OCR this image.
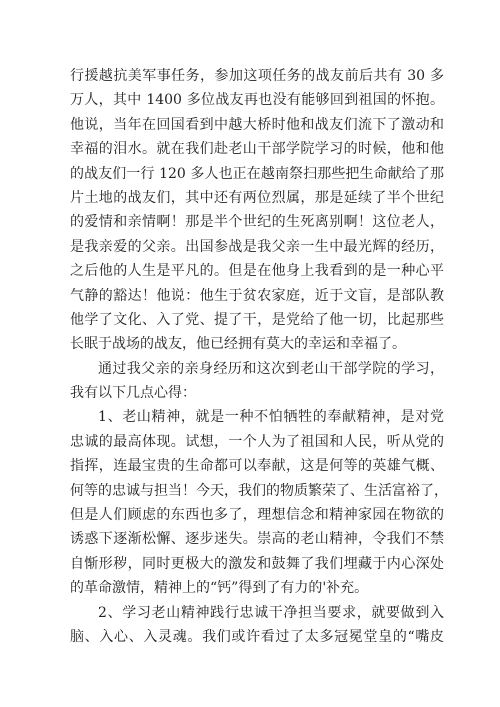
行援越抗美军事任务，参加这项任务的战友前后共有 30 多
万人，其中 1400 多位战友再也没有能够回到祖国的怀抱。
他说，当年在回国看到中越大桥时他和战友们流下了激动和
幸福的泪水。就在我们赴老山干部学院学习的时候，他和他
的战友们一行 120 多人也正在越南祭扫那些把生命献给了那
片土地的战友们，其中还有两位烈属，那是延续了半个世纪
的爱情和亲情啊！那是半个世纪的生死离别啊！这位老人，
是我亲爱的父亲。出国参战是我父亲一生中最光辉的经历，
之后他的人生是平凡的。但是在他身上我看到的是一种心平
气静的豁达！他说：他生于贫农家庭，近于文盲，是部队教
他学了文化、入了党、提了干，是党给了他一切，比起那些
长眠于战场的战友，他已经拥有莫大的幸运和幸福了。
通过我父亲的亲身经历和这次到老山干部学院的学习，
我有以下几点心得：
1、老山精神，就是一种不怕牺牲的奉献精神，是对党
忠诚的最高体现。试想，一个人为了祖国和人民，听从党的
指挥，连最宝贵的生命都可以奉献，这是何等的英雄气概、
何等的忠诚与担当！今天，我们的物质繁荣了、生活富裕了，
但是人们顾虑的东西也多了，理想信念和精神家园在物欲的
诱惑下逐渐松懈、逐步迷失。崇高的老山精神，令我们不禁
自惭形秽，同时更极大的激发和鼓舞了我们埋藏于内心深处
的革命激情，精神上的“钙”得到了有力的'补充。
2、学习老山精神践行忠诚干净担当要求，就要做到入
脑、入心、入灵魂。我们或许看过了太多冠冕堂皇的“嘴皮
